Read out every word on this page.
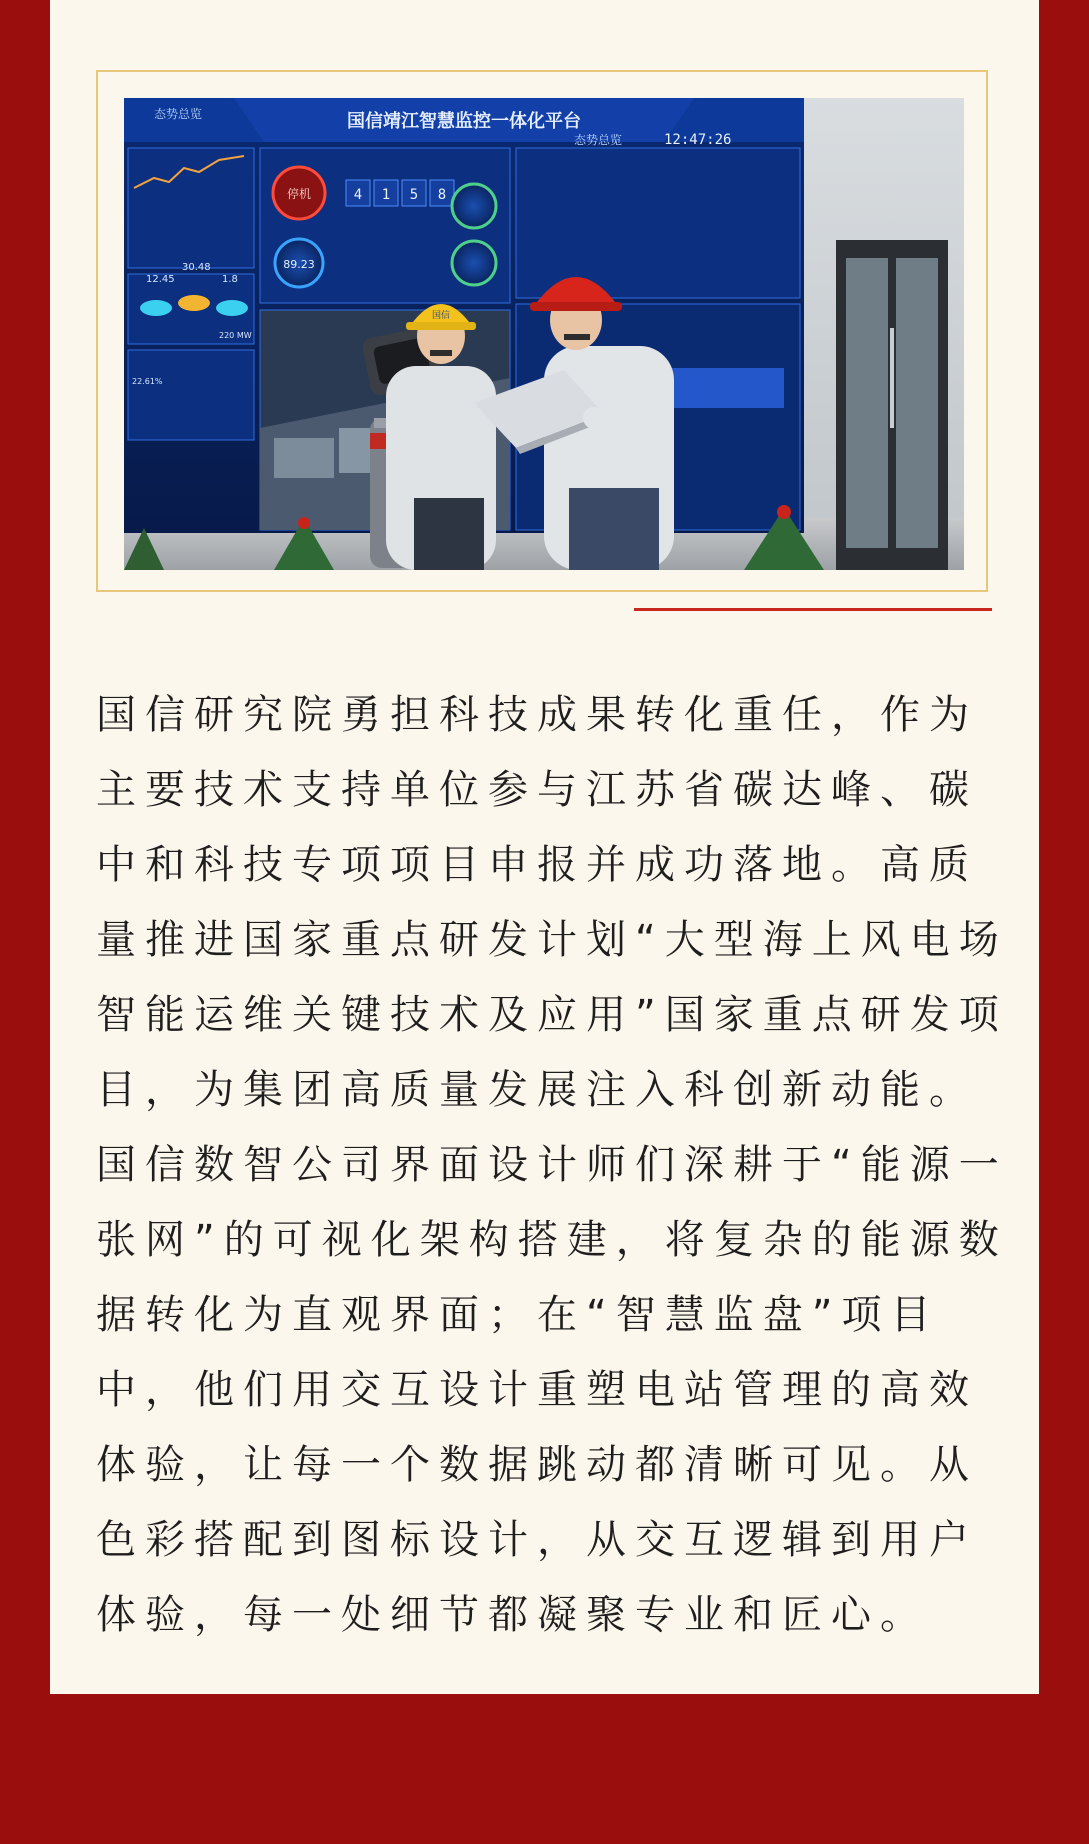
国信靖江智慧监控一体化平台
态势总览
态势总览	12:47:26
12.45
30.48
1.8
220 MW
22.61%
停机
89.23
4 1 5 8
国信

国信研究院勇担科技成果转化重任，作为
主要技术支持单位参与江苏省碳达峰、碳
中和科技专项项目申报并成功落地。高质
量推进国家重点研发计划“大型海上风电场
智能运维关键技术及应用”国家重点研发项
目，为集团高质量发展注入科创新动能。
国信数智公司界面设计师们深耕于“能源一
张网”的可视化架构搭建，将复杂的能源数
据转化为直观界面；在“智慧监盘”项目
中，他们用交互设计重塑电站管理的高效
体验，让每一个数据跳动都清晰可见。从
色彩搭配到图标设计，从交互逻辑到用户
体验，每一处细节都凝聚专业和匠心。
